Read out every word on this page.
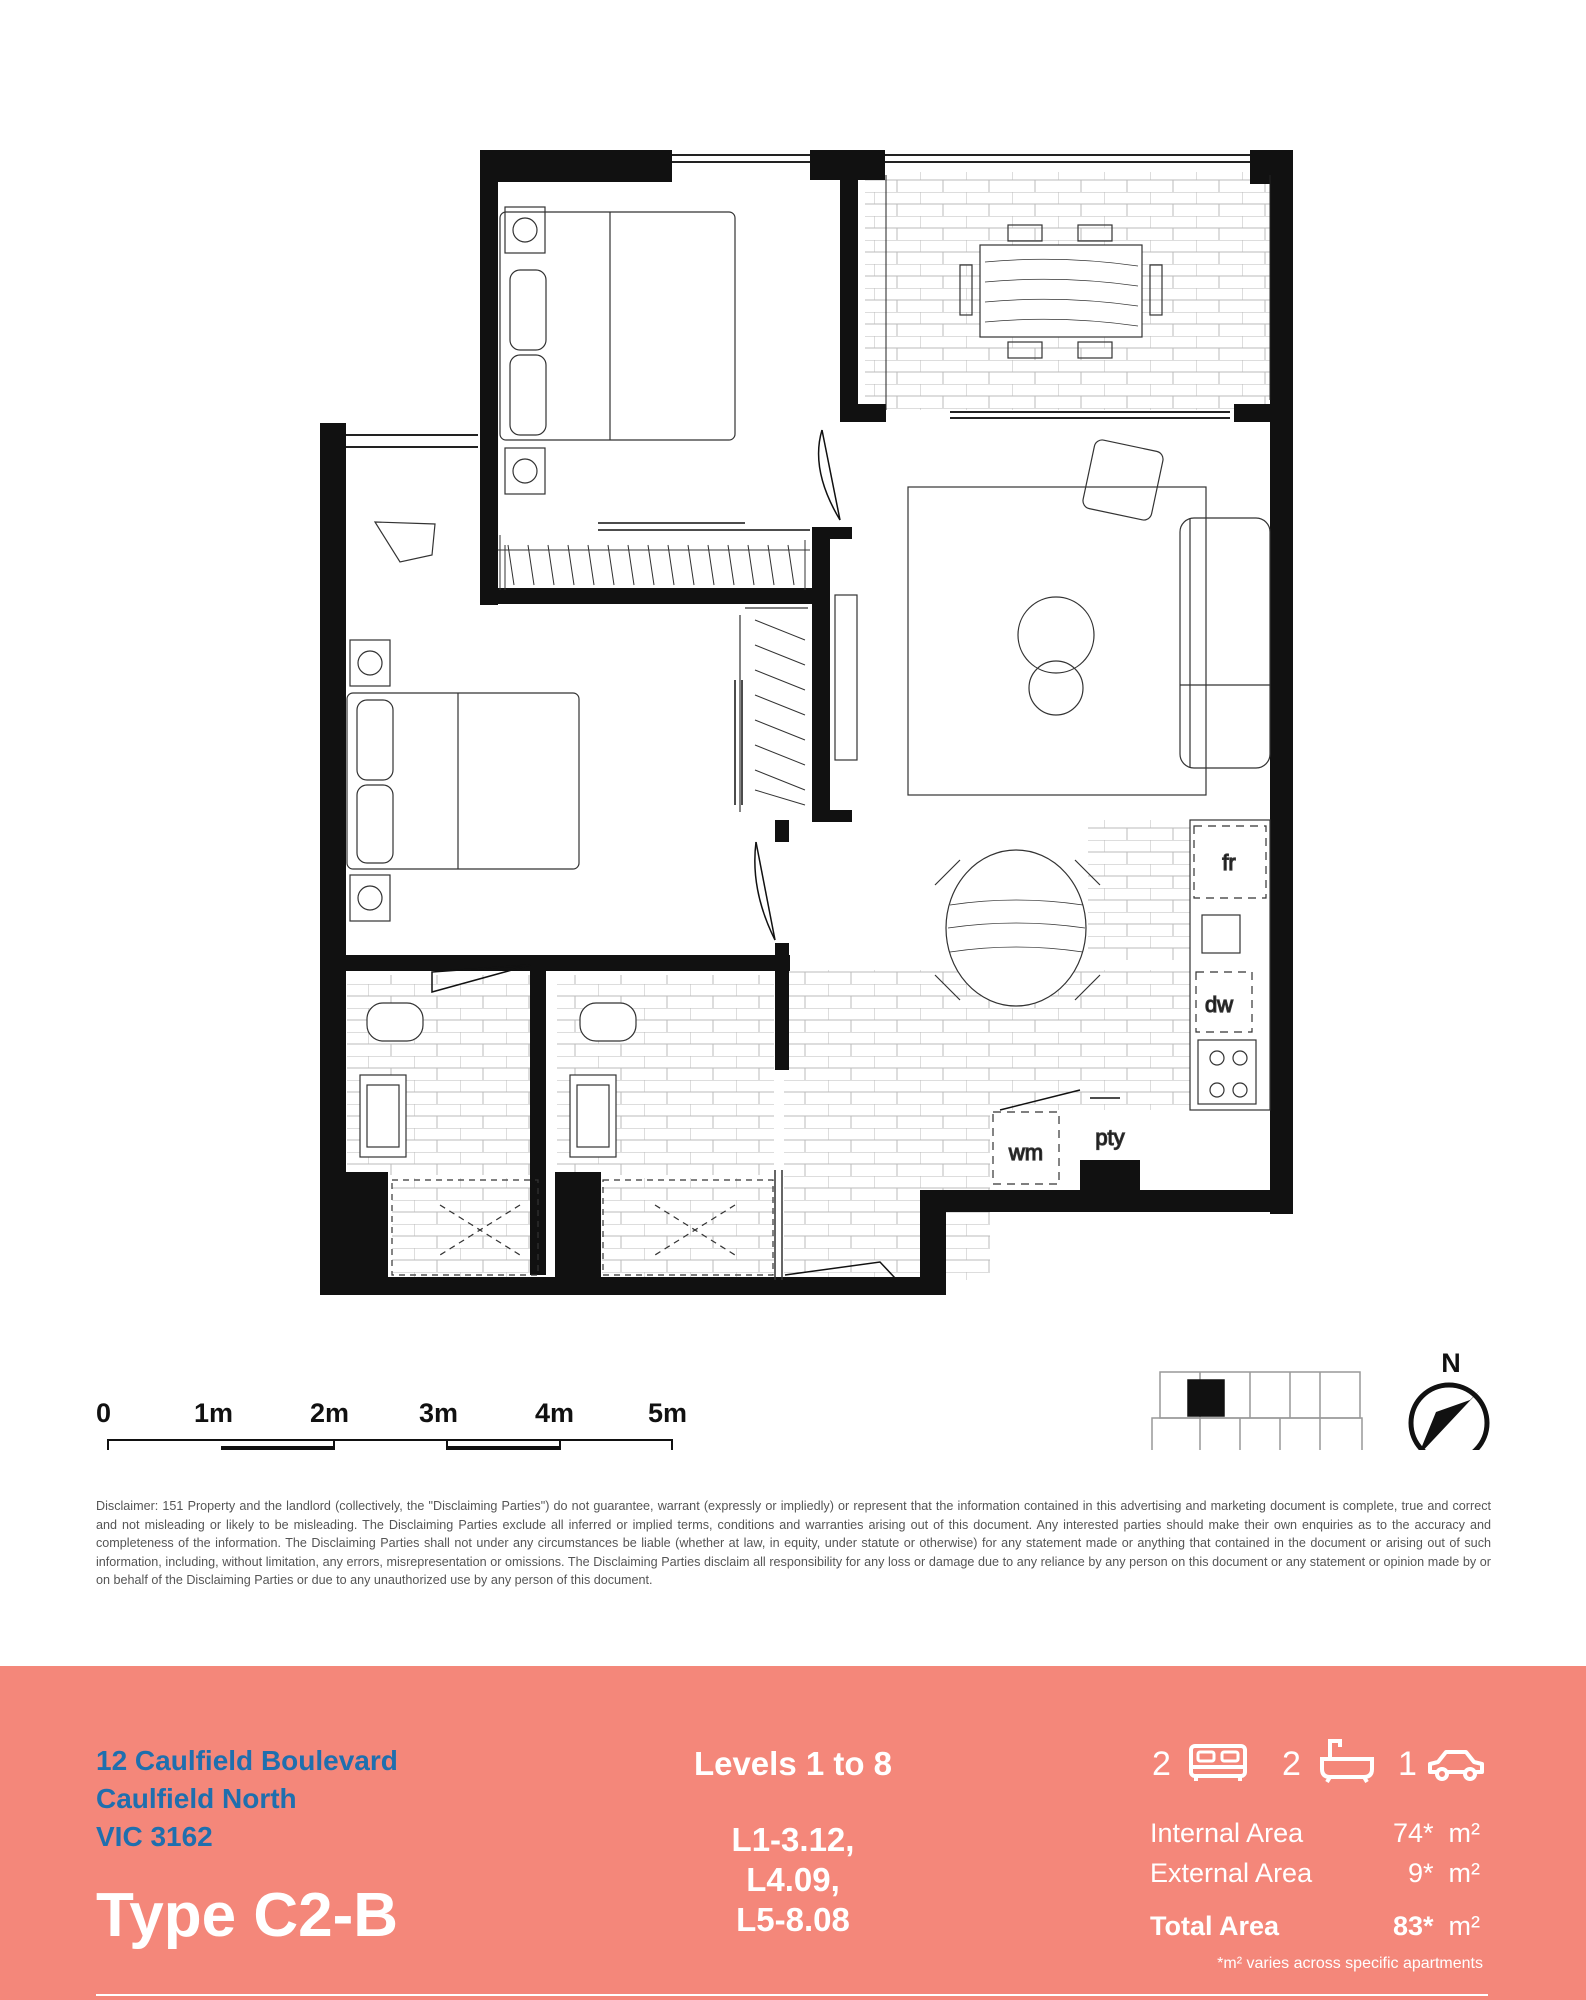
fr
dw
wm
pty
N
0	1m	2m	3m	4m	5m
Disclaimer: 151 Property and the landlord (collectively, the "Disclaiming Parties") do not guarantee, warrant (expressly or impliedly) or represent that the information contained in this advertising and marketing document is complete, true and correct and not misleading or likely to be misleading. The Disclaiming Parties exclude all inferred or implied terms, conditions and warranties arising out of this document. Any interested parties should make their own enquiries as to the accuracy and completeness of the information. The Disclaiming Parties shall not under any circumstances be liable (whether at law, in equity, under statute or otherwise) for any statement made or anything that contained in the document or arising out of such information, including, without limitation, any errors, misrepresentation or omissions. The Disclaiming Parties disclaim all responsibility for any loss or damage due to any reliance by any person on this document or any statement or opinion made by or on behalf of the Disclaiming Parties or due to any unauthorized use by any person of this document.
12 Caulfield Boulevard
Caulfield North
VIC 3162
Type C2-B
Levels 1 to 8
L1-3.12,
L4.09,
L5-8.08
2	2	1
Internal Area	74* m²
External Area	9* m²
Total Area	83* m²
*m² varies across specific apartments
